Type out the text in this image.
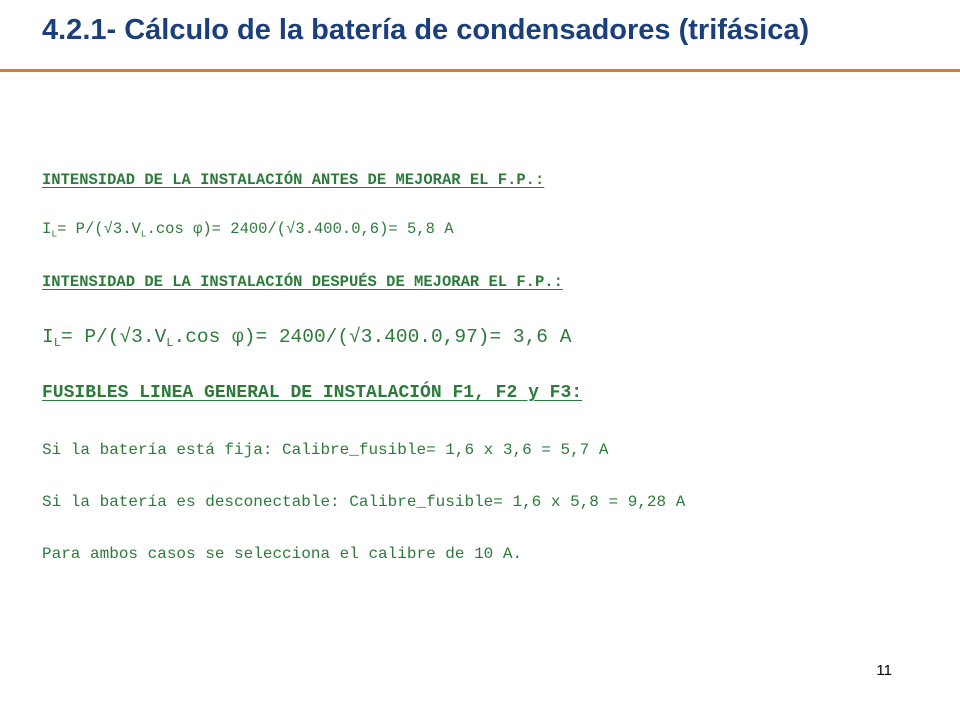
4.2.1- Cálculo de la batería de condensadores (trifásica)
INTENSIDAD DE LA INSTALACIÓN ANTES DE MEJORAR EL F.P.:
$I_L= P/(√3.V_L.\cos$ φ)= 2400/(√3.400.0,6)= 5,8 A
INTENSIDAD DE LA INSTALACIÓN DESPUÉS DE MEJORAR EL F.P.:
$I_L= P/(√3.V_L.\cos$ φ)= 2400/(√3.400.0,97)= 3,6 A
FUSIBLES LINEA GENERAL DE INSTALACIÓN F1, F2 y F3:
Si la batería está fija: Calibre_fusible= 1,6 x 3,6 = 5,7 A
Si la batería es desconectable: Calibre_fusible= 1,6 x 5,8 = 9,28 A
Para ambos casos se selecciona el calibre de 10 A.
11
